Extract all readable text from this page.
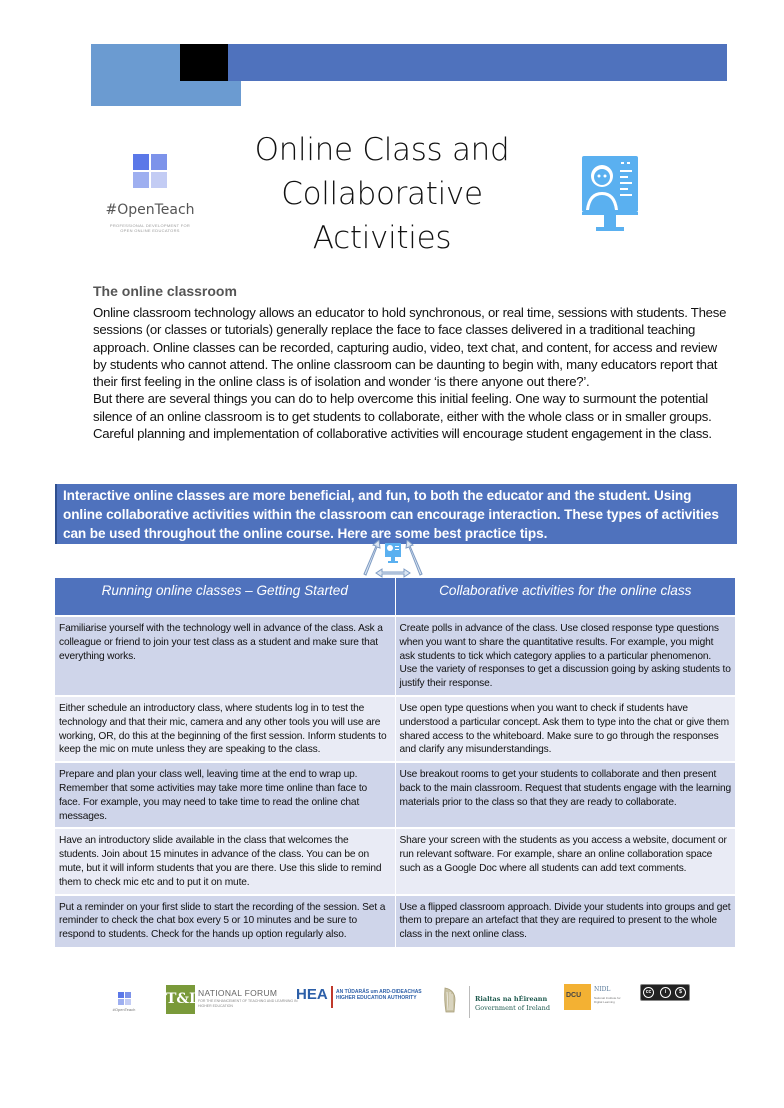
#OpenTeach
PROFESSIONAL DEVELOPMENT FOR OPEN ONLINE EDUCATORS
Online Class and
Collaborative
Activities
The online classroom

Online classroom technology allows an educator to hold synchronous, or real time, sessions with students. These sessions (or classes or tutorials) generally replace the face to face classes delivered in a traditional teaching approach. Online classes can be recorded, capturing audio, video, text chat, and content, for access and review by students who cannot attend. The online classroom can be daunting to begin with, many educators report that their first feeling in the online class is of isolation and wonder ‘is there anyone out there?’.

But there are several things you can do to help overcome this initial feeling. One way to surmount the potential silence of an online classroom is to get students to collaborate, either with the whole class or in smaller groups. Careful planning and implementation of collaborative activities will encourage student engagement in the class.

Interactive online classes are more beneficial, and fun, to both the educator and the student. Using online collaborative activities within the classroom can encourage interaction. These types of activities can be used throughout the online course. Here are some best practice tips.
Running online classes – Getting Started	Collaborative activities for the online class
Familiarise yourself with the technology well in advance of the class. Ask a colleague or friend to join your test class as a student and make sure that everything works.	Create polls in advance of the class. Use closed response type questions when you want to share the quantitative results. For example, you might ask students to tick which category applies to a particular phenomenon. Use the variety of responses to get a discussion going by asking students to justify their response.
Either schedule an introductory class, where students log in to test the technology and that their mic, camera and any other tools you will use are working, OR, do this at the beginning of the first session. Inform students to keep the mic on mute unless they are speaking to the class.	Use open type questions when you want to check if students have understood a particular concept. Ask them to type into the chat or give them shared access to the whiteboard. Make sure to go through the responses and clarify any misunderstandings.
Prepare and plan your class well, leaving time at the end to wrap up. Remember that some activities may take more time online than face to face. For example, you may need to take time to read the online chat messages.	Use breakout rooms to get your students to collaborate and then present back to the main classroom. Request that students engage with the learning materials prior to the class so that they are ready to collaborate.
Have an introductory slide available in the class that welcomes the students. Join about 15 minutes in advance of the class. You can be on mute, but it will inform students that you are there. Use this slide to remind them to check mic etc and to put it on mute.	Share your screen with the students as you access a website, document or run relevant software. For example, share an online collaboration space such as a Google Doc where all students can add text comments.
Put a reminder on your first slide to start the recording of the session. Set a reminder to check the chat box every 5 or 10 minutes and be sure to respond to students. Check for the hands up option regularly also.	Use a flipped classroom approach. Divide your students into groups and get them to prepare an artefact that they are required to present to the whole class in the next online class.
#OpenTeach
T&L NATIONAL FORUM
FOR THE ENHANCEMENT OF TEACHING AND LEARNING IN HIGHER EDUCATION
HEA AN TÚDARÁS um ARD-OIDEACHAS
HIGHER EDUCATION AUTHORITY	Rialtas na hÉireann
Government of Ireland
DCU
NIDL
National Institute for Digital Learning
cc	i	$
